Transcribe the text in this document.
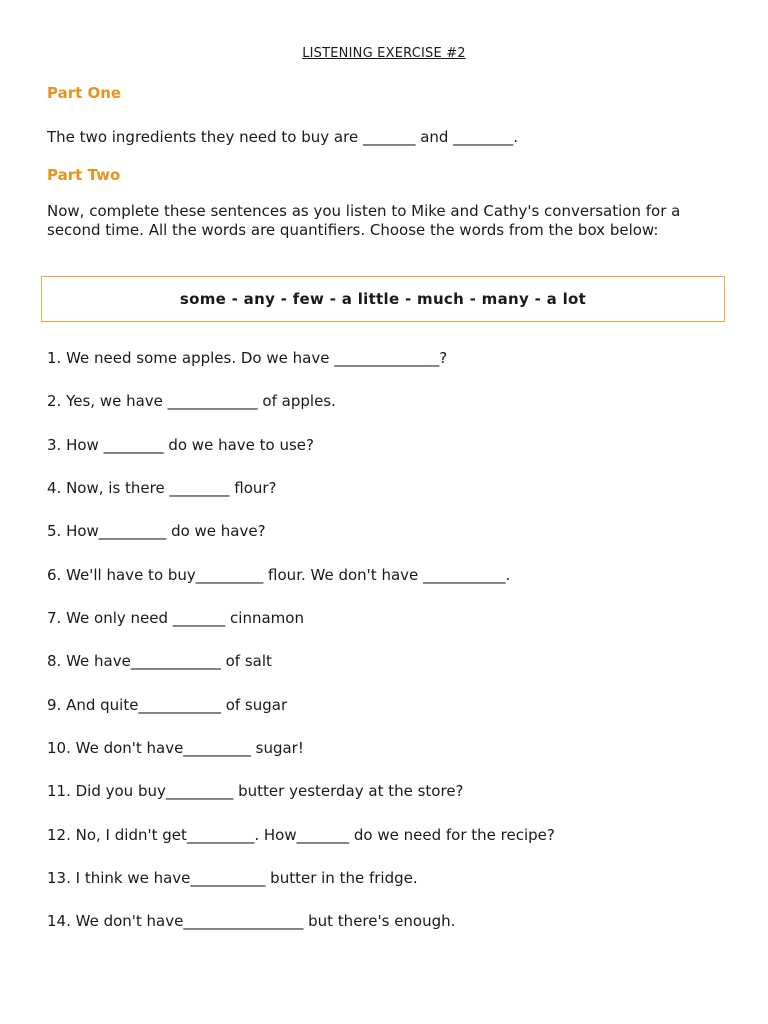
LISTENING EXERCISE #2
Part One
The two ingredients they need to buy are _______ and ________.
Part Two
Now, complete these sentences as you listen to Mike and Cathy's conversation for a second time. All the words are quantifiers. Choose the words from the box below:
some - any - few - a little - much - many - a lot
1. We need some apples. Do we have ______________?
2. Yes, we have ____________ of apples.
3. How ________ do we have to use?
4. Now, is there ________ flour?
5. How_________ do we have?
6. We'll have to buy_________ flour. We don't have ___________.
7. We only need _______ cinnamon
8. We have____________ of salt
9. And quite___________ of sugar
10. We don't have_________ sugar!
11. Did you buy_________ butter yesterday at the store?
12. No, I didn't get_________. How_______ do we need for the recipe?
13. I think we have__________ butter in the fridge.
14. We don't have________________ but there's enough.
